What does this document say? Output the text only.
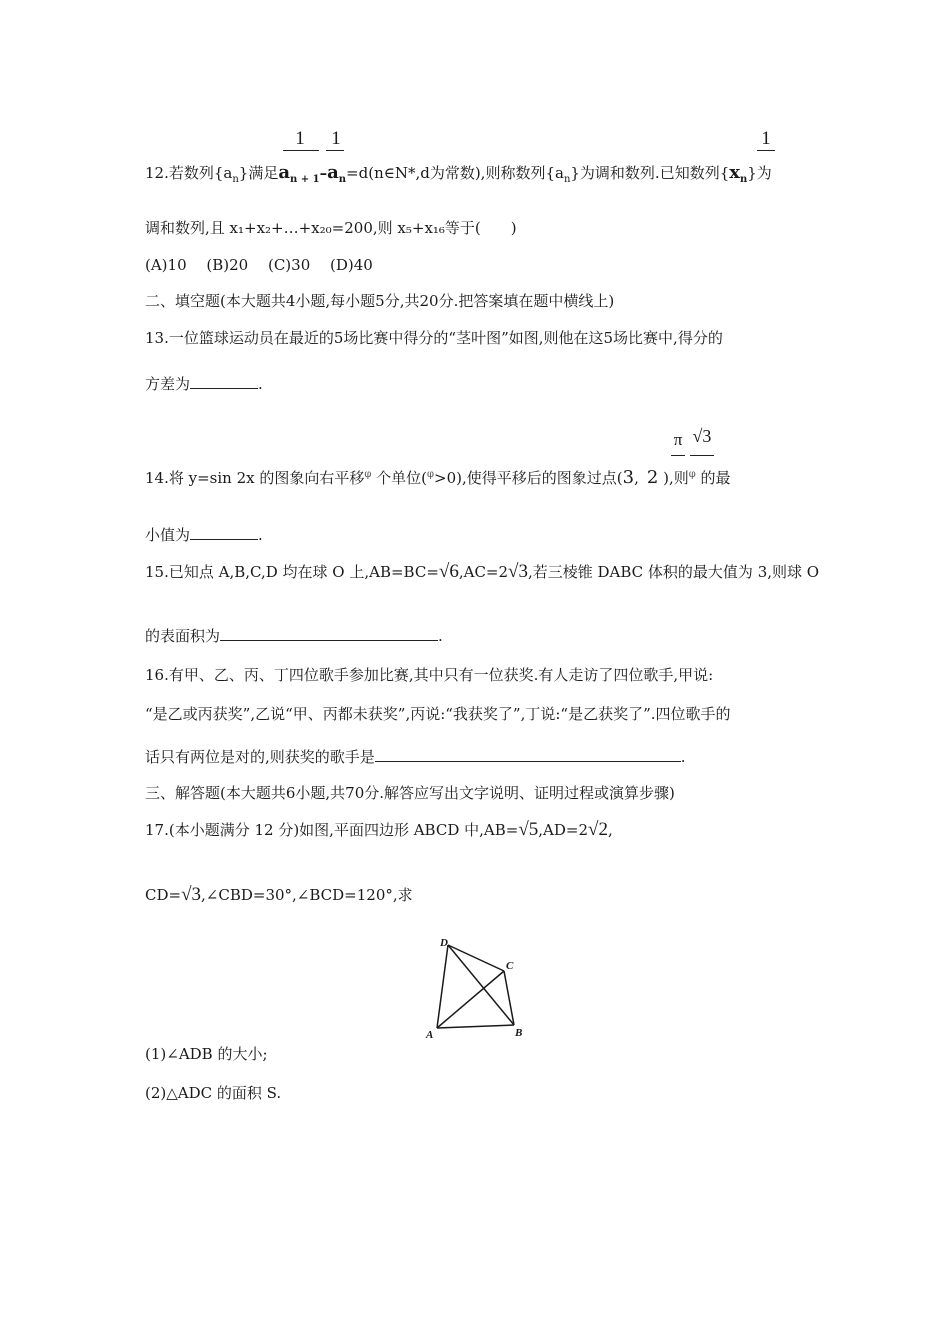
1 1	1
12.若数列$\{a_n\}$满足$a_{n + 1}-a_n=d(n\in N*,d$为常数),则称数列$\{a_n\}$为调和数列.已知数列$\{x_n\}$为
调和数列,且 x₁+x₂+…+x₂₀=200,则 x₅+x₁₆等于(　　)
(A)10　 (B)20　 (C)30　 (D)40
二、填空题(本大题共4小题,每小题5分,共20分.把答案填在题中横线上)
13.一位篮球运动员在最近的5场比赛中得分的“茎叶图”如图,则他在这5场比赛中,得分的
方差为	.
π √3
14.将 y=sin 2x 的图象向右平移$^\varphi$ 个单位($^\varphi$>0),使得平移后的图象过点(3, 2 ),则$^\varphi$ 的最
小值为	.
15.已知点 A,B,C,D 均在球 O 上,AB=BC=√6,AC=2√3,若三棱锥 DABC 体积的最大值为 3,则球 O
的表面积为	.
16.有甲、乙、丙、丁四位歌手参加比赛,其中只有一位获奖.有人走访了四位歌手,甲说:
“是乙或丙获奖”,乙说“甲、丙都未获奖”,丙说:“我获奖了”,丁说:“是乙获奖了”.四位歌手的
话只有两位是对的,则获奖的歌手是	.
三、解答题(本大题共6小题,共70分.解答应写出文字说明、证明过程或演算步骤)
17.(本小题满分 12 分)如图,平面四边形 ABCD 中,AB=√5,AD=2√2,
CD=√3,∠CBD=30°,∠BCD=120°,求
D
C
A	B
(1)∠ADB 的大小;
(2)△ADC 的面积 S.
